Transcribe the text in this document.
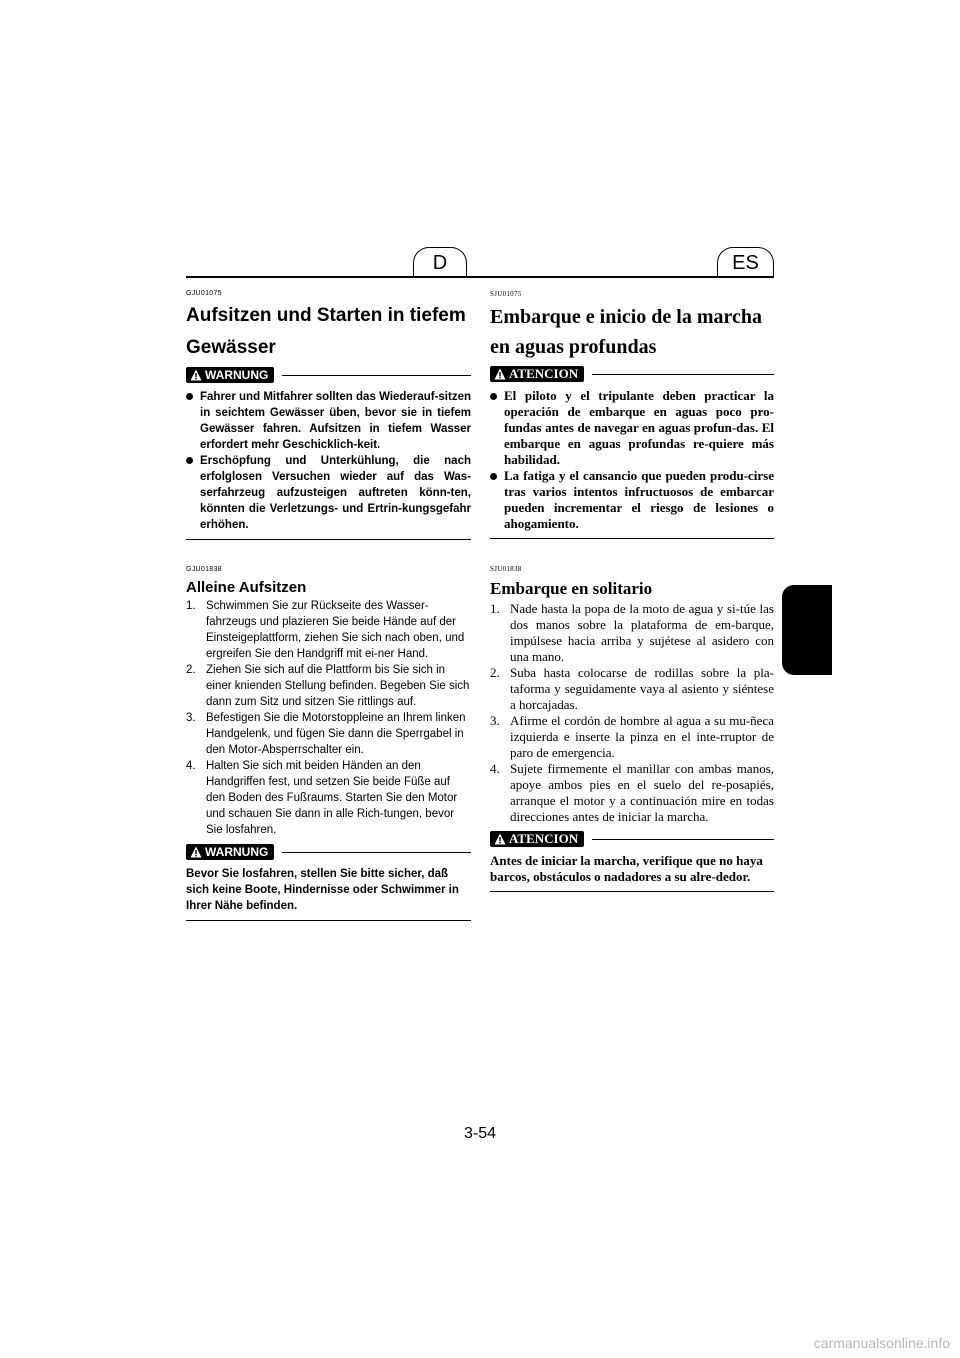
D	ES
GJU01075
Aufsitzen und Starten in tiefem
Gewässer
WARNUNG
Fahrer und Mitfahrer sollten das Wiederauf-sitzen in seichtem Gewässer üben, bevor sie in tiefem Gewässer fahren. Aufsitzen in tiefem Wasser erfordert mehr Geschicklich-keit.
Erschöpfung und Unterkühlung, die nach erfolglosen Versuchen wieder auf das Was-serfahrzeug aufzusteigen auftreten könn-ten, könnten die Verletzungs- und Ertrin-kungsgefahr erhöhen.
GJU01838
Alleine Aufsitzen
1. Schwimmen Sie zur Rückseite des Wasser-fahrzeugs und plazieren Sie beide Hände auf der Einsteigeplattform, ziehen Sie sich nach oben, und ergreifen Sie den Handgriff mit ei-ner Hand.
2. Ziehen Sie sich auf die Plattform bis Sie sich in einer knienden Stellung befinden. Begeben Sie sich dann zum Sitz und sitzen Sie rittlings auf.
3. Befestigen Sie die Motorstoppleine an Ihrem linken Handgelenk, und fügen Sie dann die Sperrgabel in den Motor-Absperrschalter ein.
4. Halten Sie sich mit beiden Händen an den Handgriffen fest, und setzen Sie beide Füße auf den Boden des Fußraums. Starten Sie den Motor und schauen Sie dann in alle Rich-tungen, bevor Sie losfahren.
WARNUNG
Bevor Sie losfahren, stellen Sie bitte sicher, daß sich keine Boote, Hindernisse oder Schwimmer in Ihrer Nähe befinden.
SJU01075
Embarque e inicio de la marcha
en aguas profundas
ATENCION
El piloto y el tripulante deben practicar la operación de embarque en aguas poco pro-fundas antes de navegar en aguas profun-das. El embarque en aguas profundas re-quiere más habilidad.
La fatiga y el cansancio que pueden produ-cirse tras varios intentos infructuosos de embarcar pueden incrementar el riesgo de lesiones o ahogamiento.
SJU01838
Embarque en solitario
1. Nade hasta la popa de la moto de agua y si-túe las dos manos sobre la plataforma de em-barque, impúlsese hacia arriba y sujétese al asidero con una mano.
2. Suba hasta colocarse de rodillas sobre la pla-taforma y seguidamente vaya al asiento y siéntese a horcajadas.
3. Afirme el cordón de hombre al agua a su mu-ñeca izquierda e inserte la pinza en el inte-rruptor de paro de emergencia.
4. Sujete firmemente el manillar con ambas manos, apoye ambos pies en el suelo del re-posapiés, arranque el motor y a continuación mire en todas direcciones antes de iniciar la marcha.
ATENCION
Antes de iniciar la marcha, verifique que no haya barcos, obstáculos o nadadores a su alre-dedor.
3-54
carmanualsonline.info
